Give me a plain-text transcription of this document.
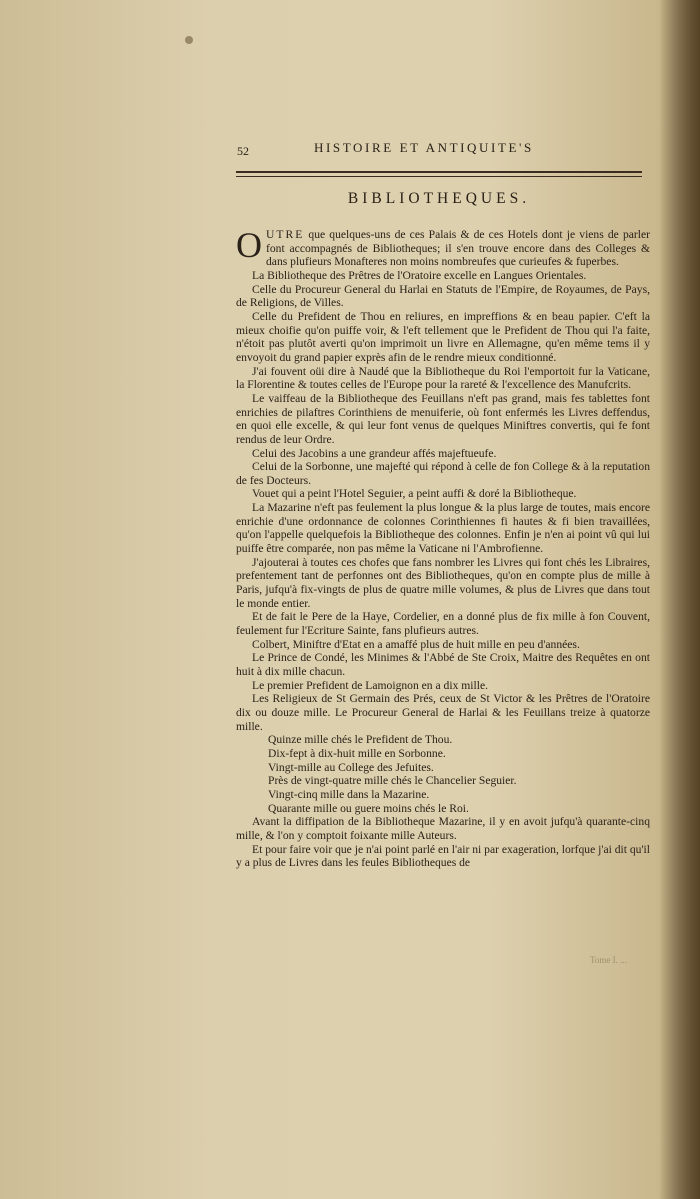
52	HISTOIRE ET ANTIQUITE'S
BIBLIOTHEQUES.

OUTRE que quelques-uns de ces Palais & de ces Hotels dont je viens de parler font accompagnés de Bibliotheques; il s'en trouve encore dans des Colleges & dans plufieurs Monafteres non moins nombreufes que curieufes & fuperbes.

La Bibliotheque des Prêtres de l'Oratoire excelle en Langues Orientales.

Celle du Procureur General du Harlai en Statuts de l'Empire, de Royaumes, de Pays, de Religions, de Villes.

Celle du Prefident de Thou en reliures, en impreffions & en beau papier. C'eft la mieux choifie qu'on puiffe voir, & l'eft tellement que le Prefident de Thou qui l'a faite, n'étoit pas plutôt averti qu'on imprimoit un livre en Allemagne, qu'en même tems il y envoyoit du grand papier exprès afin de le rendre mieux conditionné.

J'ai fouvent oüi dire à Naudé que la Bibliotheque du Roi l'emportoit fur la Vaticane, la Florentine & toutes celles de l'Europe pour la rareté & l'excellence des Manufcrits.

Le vaiffeau de la Bibliotheque des Feuillans n'eft pas grand, mais fes tablettes font enrichies de pilaftres Corinthiens de menuiferie, où font enfermés les Livres deffendus, en quoi elle excelle, & qui leur font venus de quelques Miniftres convertis, qui fe font rendus de leur Ordre.

Celui des Jacobins a une grandeur affés majeftueufe.

Celui de la Sorbonne, une majefté qui répond à celle de fon College & à la reputation de fes Docteurs.

Vouet qui a peint l'Hotel Seguier, a peint auffi & doré la Bibliotheque.

La Mazarine n'eft pas feulement la plus longue & la plus large de toutes, mais encore enrichie d'une ordonnance de colonnes Corinthiennes fi hautes & fi bien travaillées, qu'on l'appelle quelquefois la Bibliotheque des colonnes. Enfin je n'en ai point vû qui lui puiffe être comparée, non pas même la Vaticane ni l'Ambrofienne.

J'ajouterai à toutes ces chofes que fans nombrer les Livres qui font chés les Libraires, prefentement tant de perfonnes ont des Bibliotheques, qu'on en compte plus de mille à Paris, jufqu'à fix-vingts de plus de quatre mille volumes, & plus de Livres que dans tout le monde entier.

Et de fait le Pere de la Haye, Cordelier, en a donné plus de fix mille à fon Couvent, feulement fur l'Ecriture Sainte, fans plufieurs autres.

Colbert, Miniftre d'Etat en a amaffé plus de huit mille en peu d'années.

Le Prince de Condé, les Minimes & l'Abbé de Ste Croix, Maitre des Requêtes en ont huit à dix mille chacun.

Le premier Prefident de Lamoignon en a dix mille.

Les Religieux de St Germain des Prés, ceux de St Victor & les Prêtres de l'Oratoire dix ou douze mille. Le Procureur General de Harlai & les Feuillans treize à quatorze mille.

Quinze mille chés le Prefident de Thou.

Dix-fept à dix-huit mille en Sorbonne.

Vingt-mille au College des Jefuites.

Près de vingt-quatre mille chés le Chancelier Seguier.

Vingt-cinq mille dans la Mazarine.

Quarante mille ou guere moins chés le Roi.

Avant la diffipation de la Bibliotheque Mazarine, il y en avoit jufqu'à quarante-cinq mille, & l'on y comptoit foixante mille Auteurs.

Et pour faire voir que je n'ai point parlé en l'air ni par exageration, lorfque j'ai dit qu'il y a plus de Livres dans les feules Bibliotheques de

Tome I. ...
